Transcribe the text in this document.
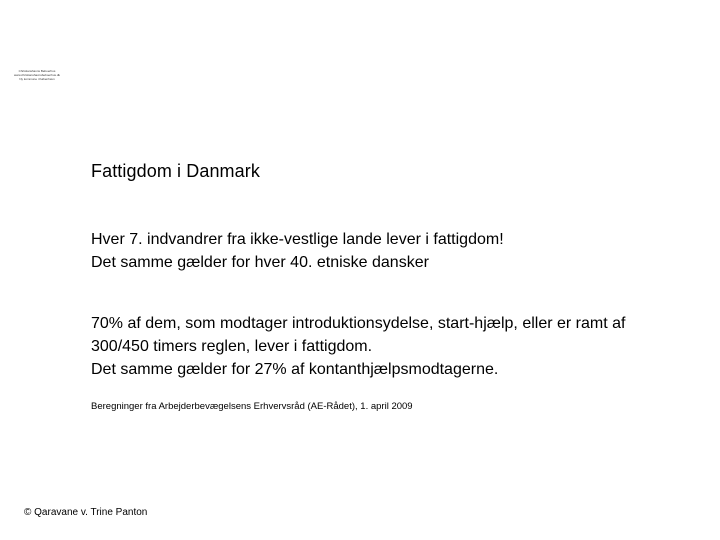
Christianshavns Beboerhus
www.christianshavnsbeboerhus.dk
Ny kommune i København
Fattigdom i Danmark
Hver 7. indvandrer fra ikke-vestlige lande lever i fattigdom!
Det samme gælder for hver 40. etniske dansker
70% af dem, som modtager introduktionsydelse, start-hjælp, eller er ramt af
300/450 timers reglen, lever i fattigdom.
Det samme gælder for 27% af kontanthjælpsmodtagerne.
Beregninger fra Arbejderbevægelsens Erhvervsråd (AE-Rådet), 1. april 2009
© Qaravane v. Trine Panton
